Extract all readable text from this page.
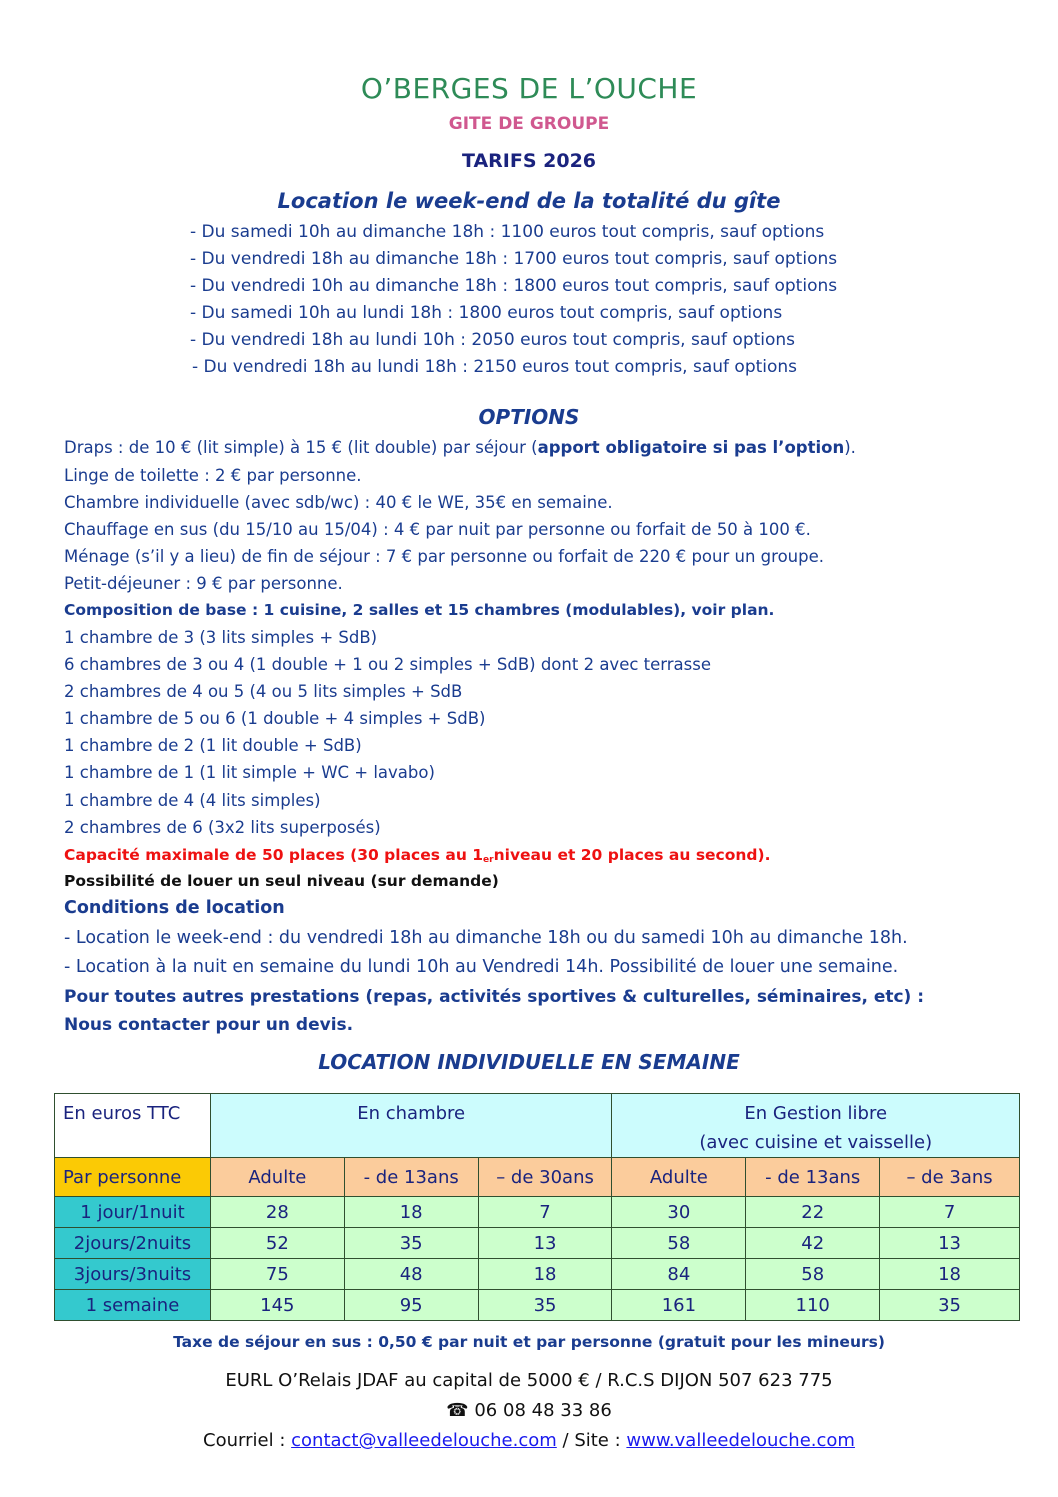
O’BERGES DE L’OUCHE
GITE DE GROUPE
TARIFS 2026
Location le week-end de la totalité du gîte
- Du samedi 10h au dimanche 18h : 1100 euros tout compris, sauf options
- Du vendredi 18h au dimanche 18h : 1700 euros tout compris, sauf options
- Du vendredi 10h au dimanche 18h : 1800 euros tout compris, sauf options
- Du samedi 10h au lundi 18h : 1800 euros tout compris, sauf options
- Du vendredi 18h au lundi 10h : 2050 euros tout compris, sauf options
- Du vendredi 18h au lundi 18h : 2150 euros tout compris, sauf options
OPTIONS
Draps : de 10 € (lit simple) à 15 € (lit double) par séjour (apport obligatoire si pas l’option).
Linge de toilette : 2 € par personne.
Chambre individuelle (avec sdb/wc) : 40 € le WE, 35€ en semaine.
Chauffage en sus (du 15/10 au 15/04) : 4 € par nuit par personne ou forfait de 50 à 100 €.
Ménage (s’il y a lieu) de fin de séjour : 7 € par personne ou forfait de 220 € pour un groupe.
Petit-déjeuner : 9 € par personne.
Composition de base : 1 cuisine, 2 salles et 15 chambres (modulables), voir plan.
1 chambre de 3 (3 lits simples + SdB)
6 chambres de 3 ou 4 (1 double + 1 ou 2 simples + SdB) dont 2 avec terrasse
2 chambres de 4 ou 5 (4 ou 5 lits simples + SdB
1 chambre de 5 ou 6 (1 double + 4 simples + SdB)
1 chambre de 2 (1 lit double + SdB)
1 chambre de 1 (1 lit simple + WC + lavabo)
1 chambre de 4 (4 lits simples)
2 chambres de 6 (3x2 lits superposés)
Capacité maximale de 50 places (30 places au $1_{er}niveau$ et 20 places au second).
Possibilité de louer un seul niveau (sur demande)
Conditions de location
- Location le week-end : du vendredi 18h au dimanche 18h ou du samedi 10h au dimanche 18h.
- Location à la nuit en semaine du lundi 10h au Vendredi 14h. Possibilité de louer une semaine.
Pour toutes autres prestations (repas, activités sportives & culturelles, séminaires, etc) :
Nous contacter pour un devis.
LOCATION INDIVIDUELLE EN SEMAINE
En euros TTC	En chambre			En Gestion libre
(avec cuisine et vaisselle)		

Par personne	Adulte	- de 13ans	– de 30ans	Adulte	- de 13ans	– de 3ans
1 jour/1nuit	28	18	7	30	22	7
2jours/2nuits	52	35	13	58	42	13
3jours/3nuits	75	48	18	84	58	18
1 semaine	145	95	35	161	110	35
Taxe de séjour en sus : 0,50 € par nuit et par personne (gratuit pour les mineurs)
EURL O’Relais JDAF au capital de 5000 € / R.C.S DIJON 507 623 775
☎ 06 08 48 33 86
Courriel : contact@valleedelouche.com / Site : www.valleedelouche.com
